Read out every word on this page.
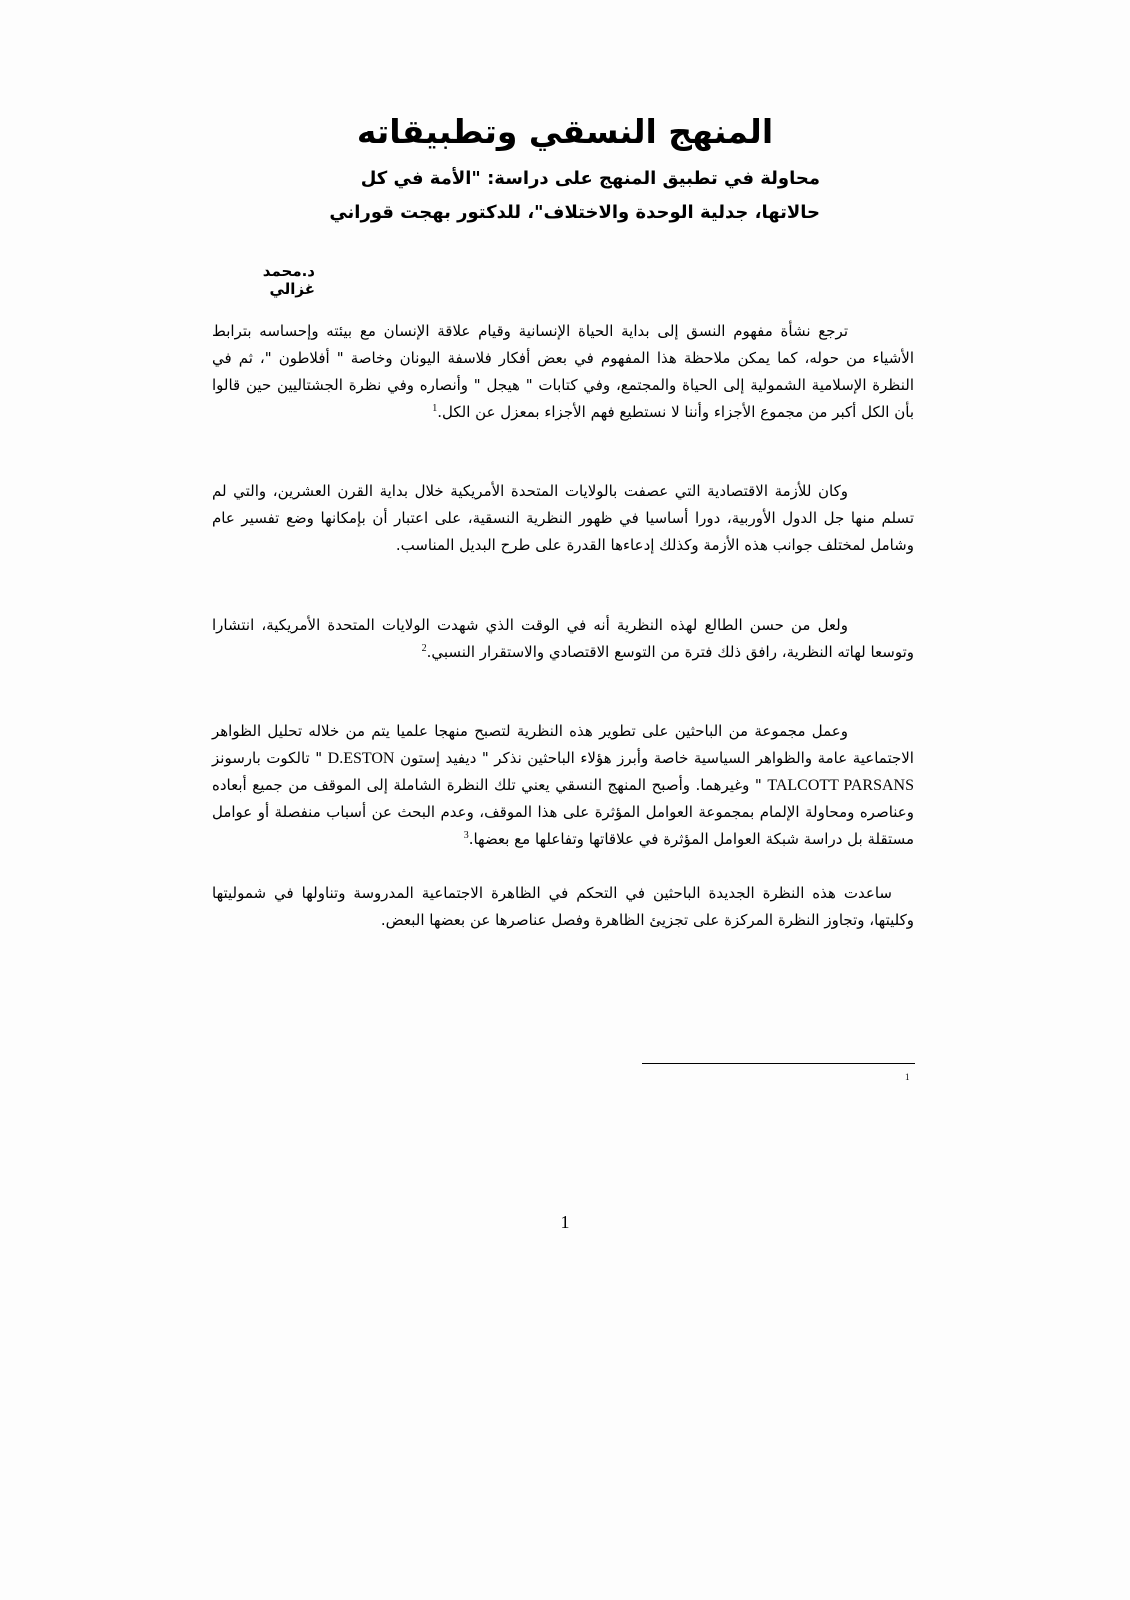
المنهج النسقي وتطبيقاته

محاولة في تطبيق المنهج على دراسة: "الأمة في كل حالاتها، جدلية الوحدة والاختلاف"، للدكتور بهجت قوراني

د.محمد غزالي

ترجع نشأة مفهوم النسق إلى بداية الحياة الإنسانية وقيام علاقة الإنسان مع بيئته وإحساسه بترابط الأشياء من حوله، كما يمكن ملاحظة هذا المفهوم في بعض أفكار فلاسفة اليونان وخاصة " أفلاطون "، ثم في النظرة الإسلامية الشمولية إلى الحياة والمجتمع، وفي كتابات " هيجل " وأنصاره وفي نظرة الجشتاليين حين قالوا بأن الكل أكبر من مجموع الأجزاء وأننا لا نستطيع فهم الأجزاء بمعزل عن الكل.$^1$

وكان للأزمة الاقتصادية التي عصفت بالولايات المتحدة الأمريكية خلال بداية القرن العشرين، والتي لم تسلم منها جل الدول الأوربية، دورا أساسيا في ظهور النظرية النسقية، على اعتبار أن بإمكانها وضع تفسير عام وشامل لمختلف جوانب هذه الأزمة وكذلك إدعاءها القدرة على طرح البديل المناسب.

ولعل من حسن الطالع لهذه النظرية أنه في الوقت الذي شهدت الولايات المتحدة الأمريكية، انتشارا وتوسعا لهاته النظرية، رافق ذلك فترة من التوسع الاقتصادي والاستقرار النسبي.$^2$

وعمل مجموعة من الباحثين على تطوير هذه النظرية لتصبح منهجا علميا يتم من خلاله تحليل الظواهر الاجتماعية عامة والظواهر السياسية خاصة وأبرز هؤلاء الباحثين نذكر " ديفيد إستون D.ESTON " تالكوت بارسونز TALCOTT PARSANS " وغيرهما. وأصبح المنهج النسقي يعني تلك النظرة الشاملة إلى الموقف من جميع أبعاده وعناصره ومحاولة الإلمام بمجموعة العوامل المؤثرة على هذا الموقف، وعدم البحث عن أسباب منفصلة أو عوامل مستقلة بل دراسة شبكة العوامل المؤثرة في علاقاتها وتفاعلها مع بعضها.$^3$

ساعدت هذه النظرة الجديدة الباحثين في التحكم في الظاهرة الاجتماعية المدروسة وتناولها في شموليتها وكليتها، وتجاوز النظرة المركزة على تجزيئ الظاهرة وفصل عناصرها عن بعضها البعض.

1
1
